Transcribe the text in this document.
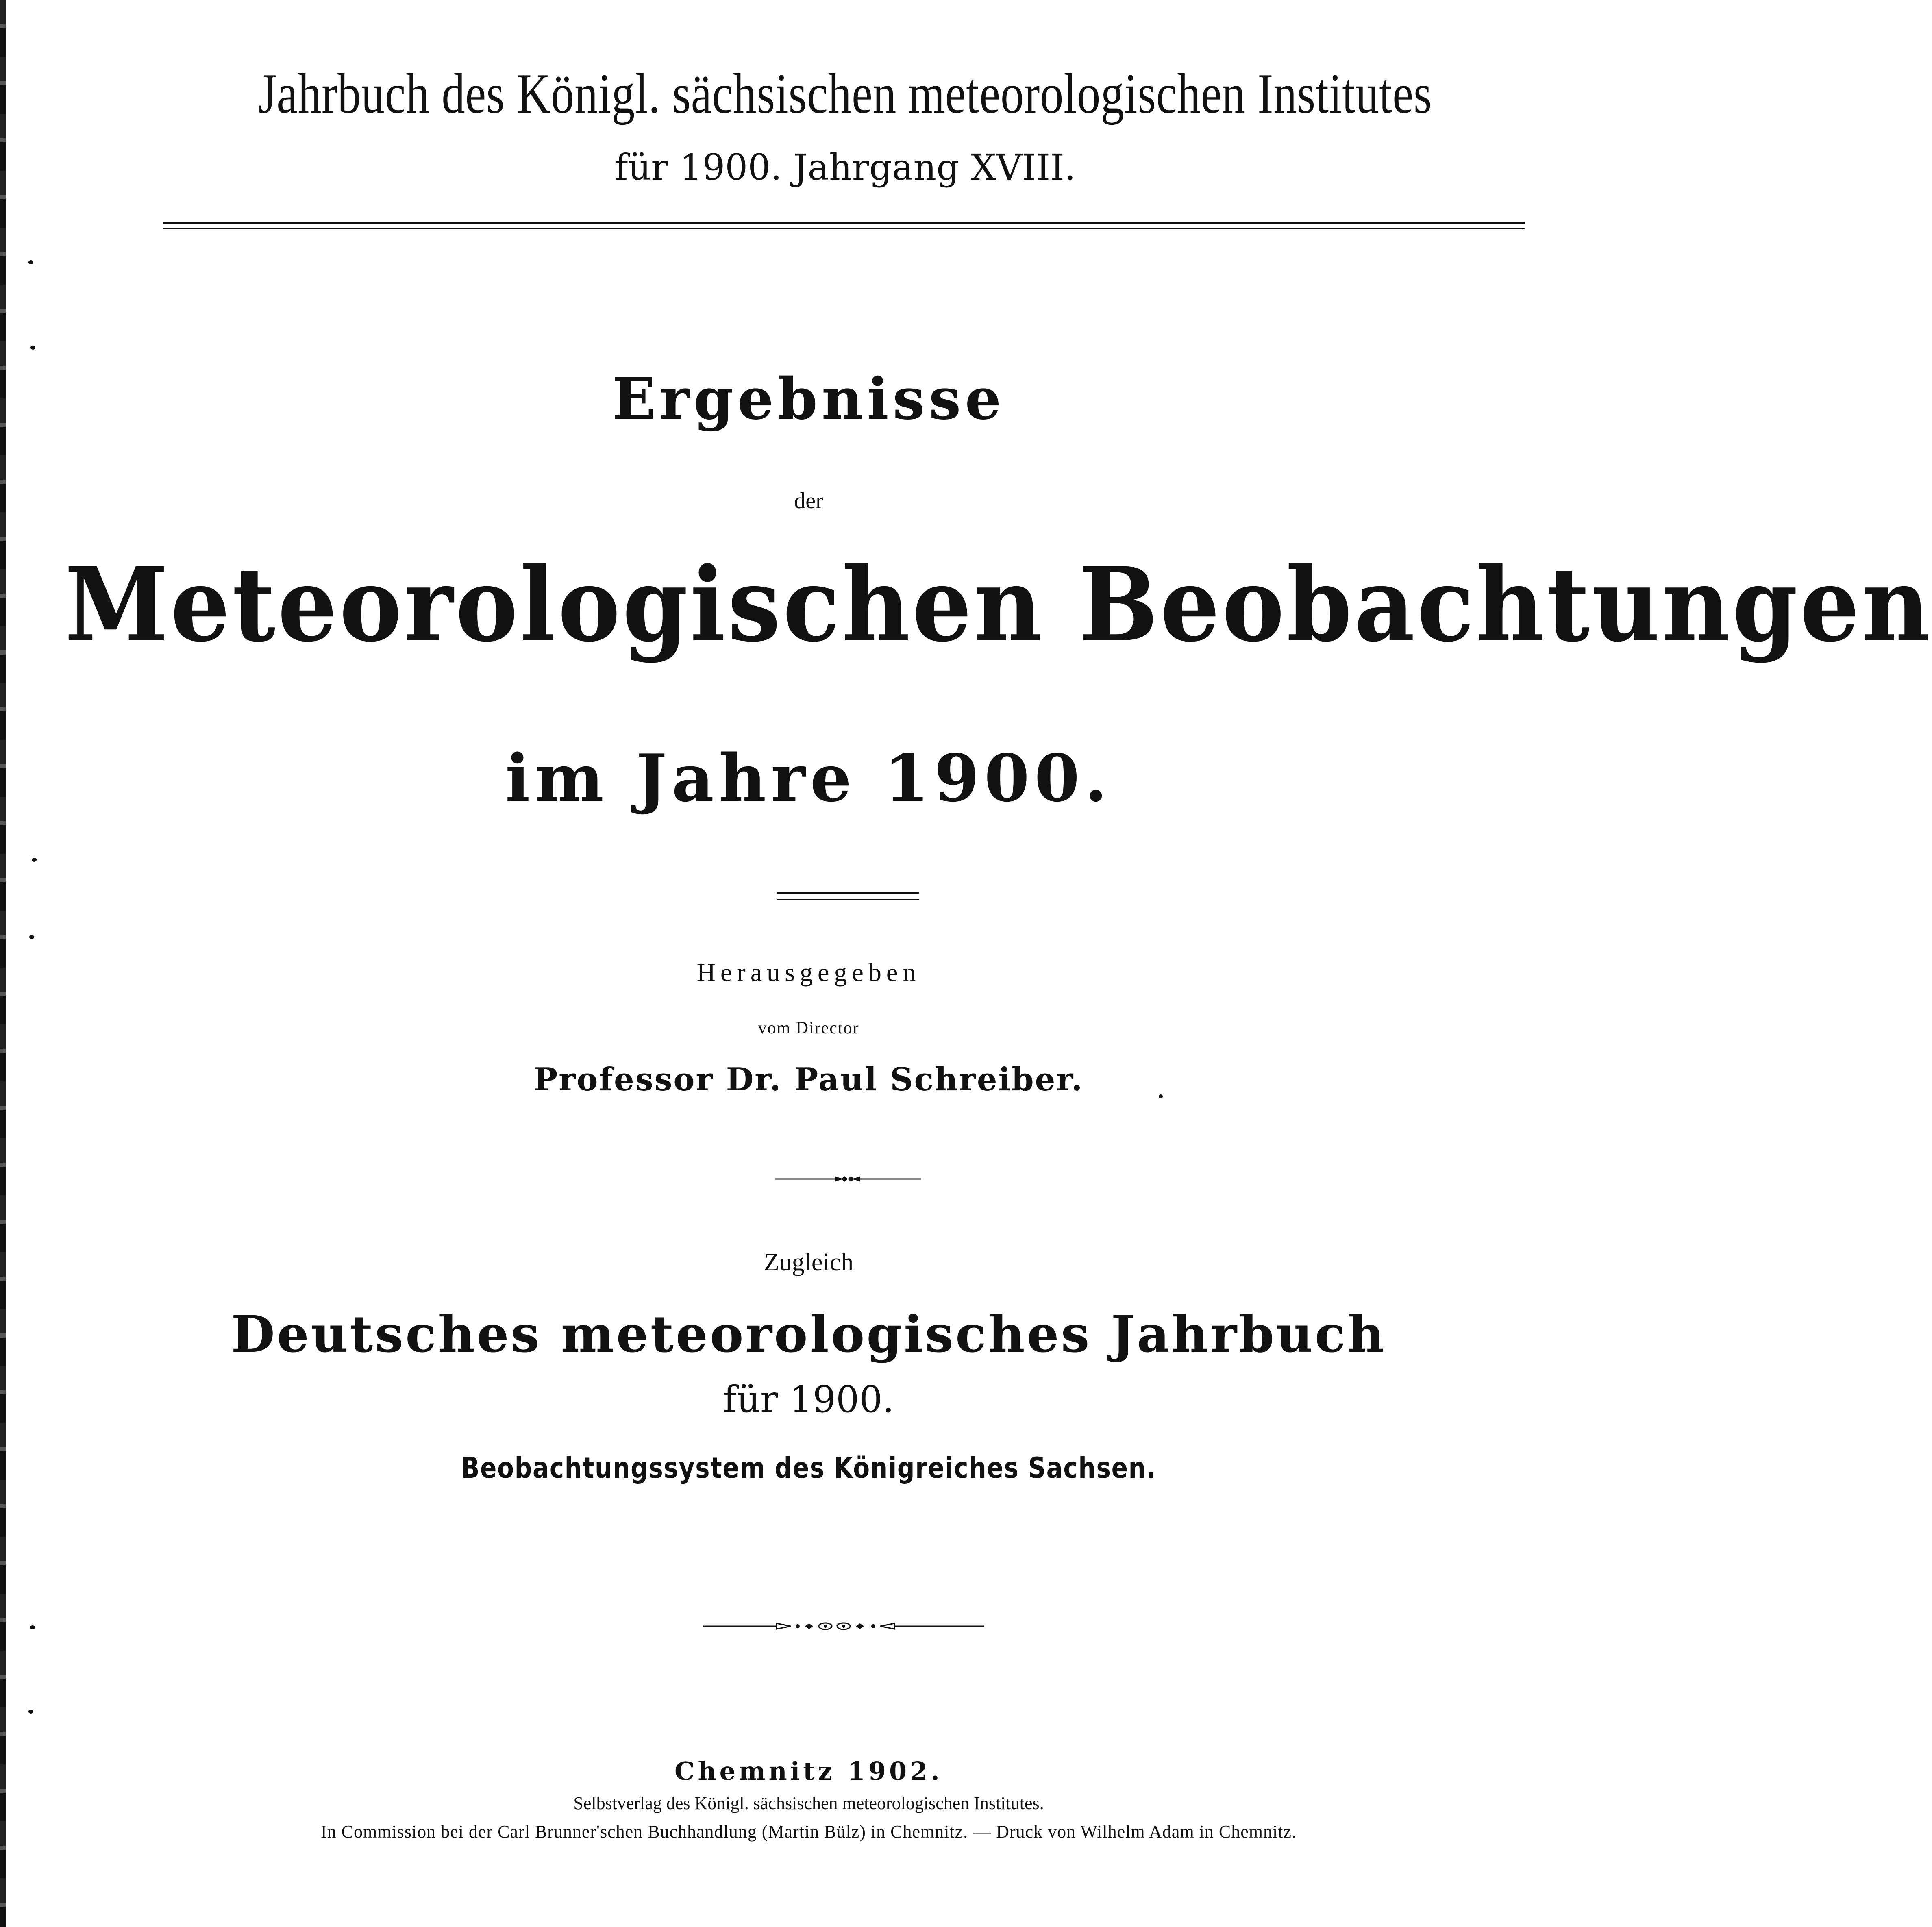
Jahrbuch des Königl. sächsischen meteorologischen Institutes

für 1900. Jahrgang XVIII.

Ergebnisse

der

Meteorologischen Beobachtungen

im Jahre 1900.

Herausgegeben

vom Director

Professor Dr. Paul Schreiber.

Zugleich

Deutsches meteorologisches Jahrbuch

für 1900.

Beobachtungssystem des Königreiches Sachsen.

Chemnitz 1902.

Selbstverlag des Königl. sächsischen meteorologischen Institutes.

In Commission bei der Carl Brunner'schen Buchhandlung (Martin Bülz) in Chemnitz. — Druck von Wilhelm Adam in Chemnitz.
